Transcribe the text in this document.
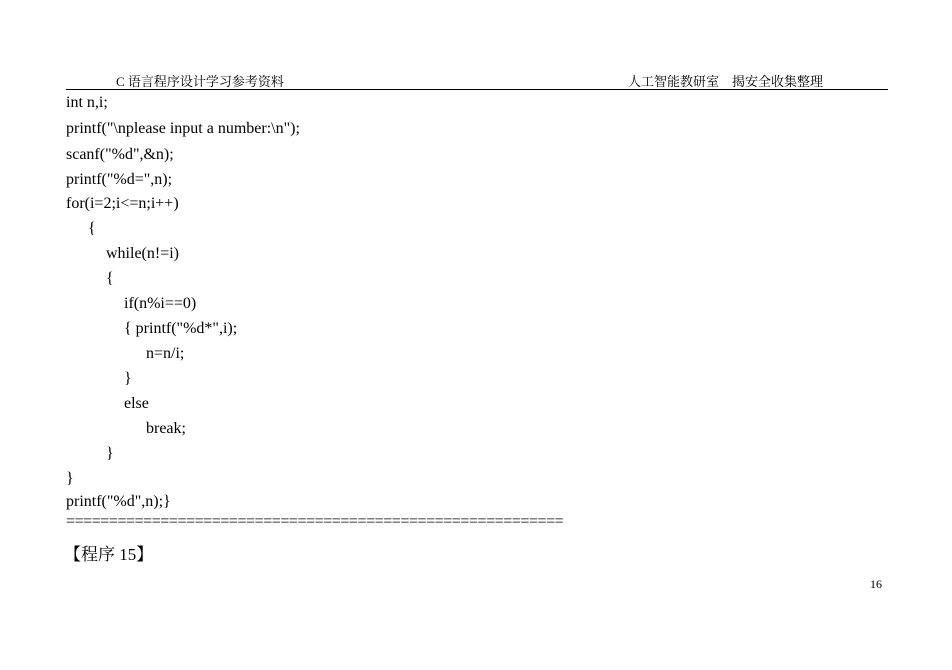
C 语言程序设计学习参考资料	人工智能教研室　揭安全收集整理
int n,i;
printf("\nplease input a number:\n");
scanf("%d",&n);
printf("%d=",n);
for(i=2;i<=n;i++)
{
while(n!=i)
{
if(n%i==0)
{ printf("%d*",i);
n=n/i;
}
else
break;
}
}
printf("%d",n);}
==========================================================
【程序 15】
16
